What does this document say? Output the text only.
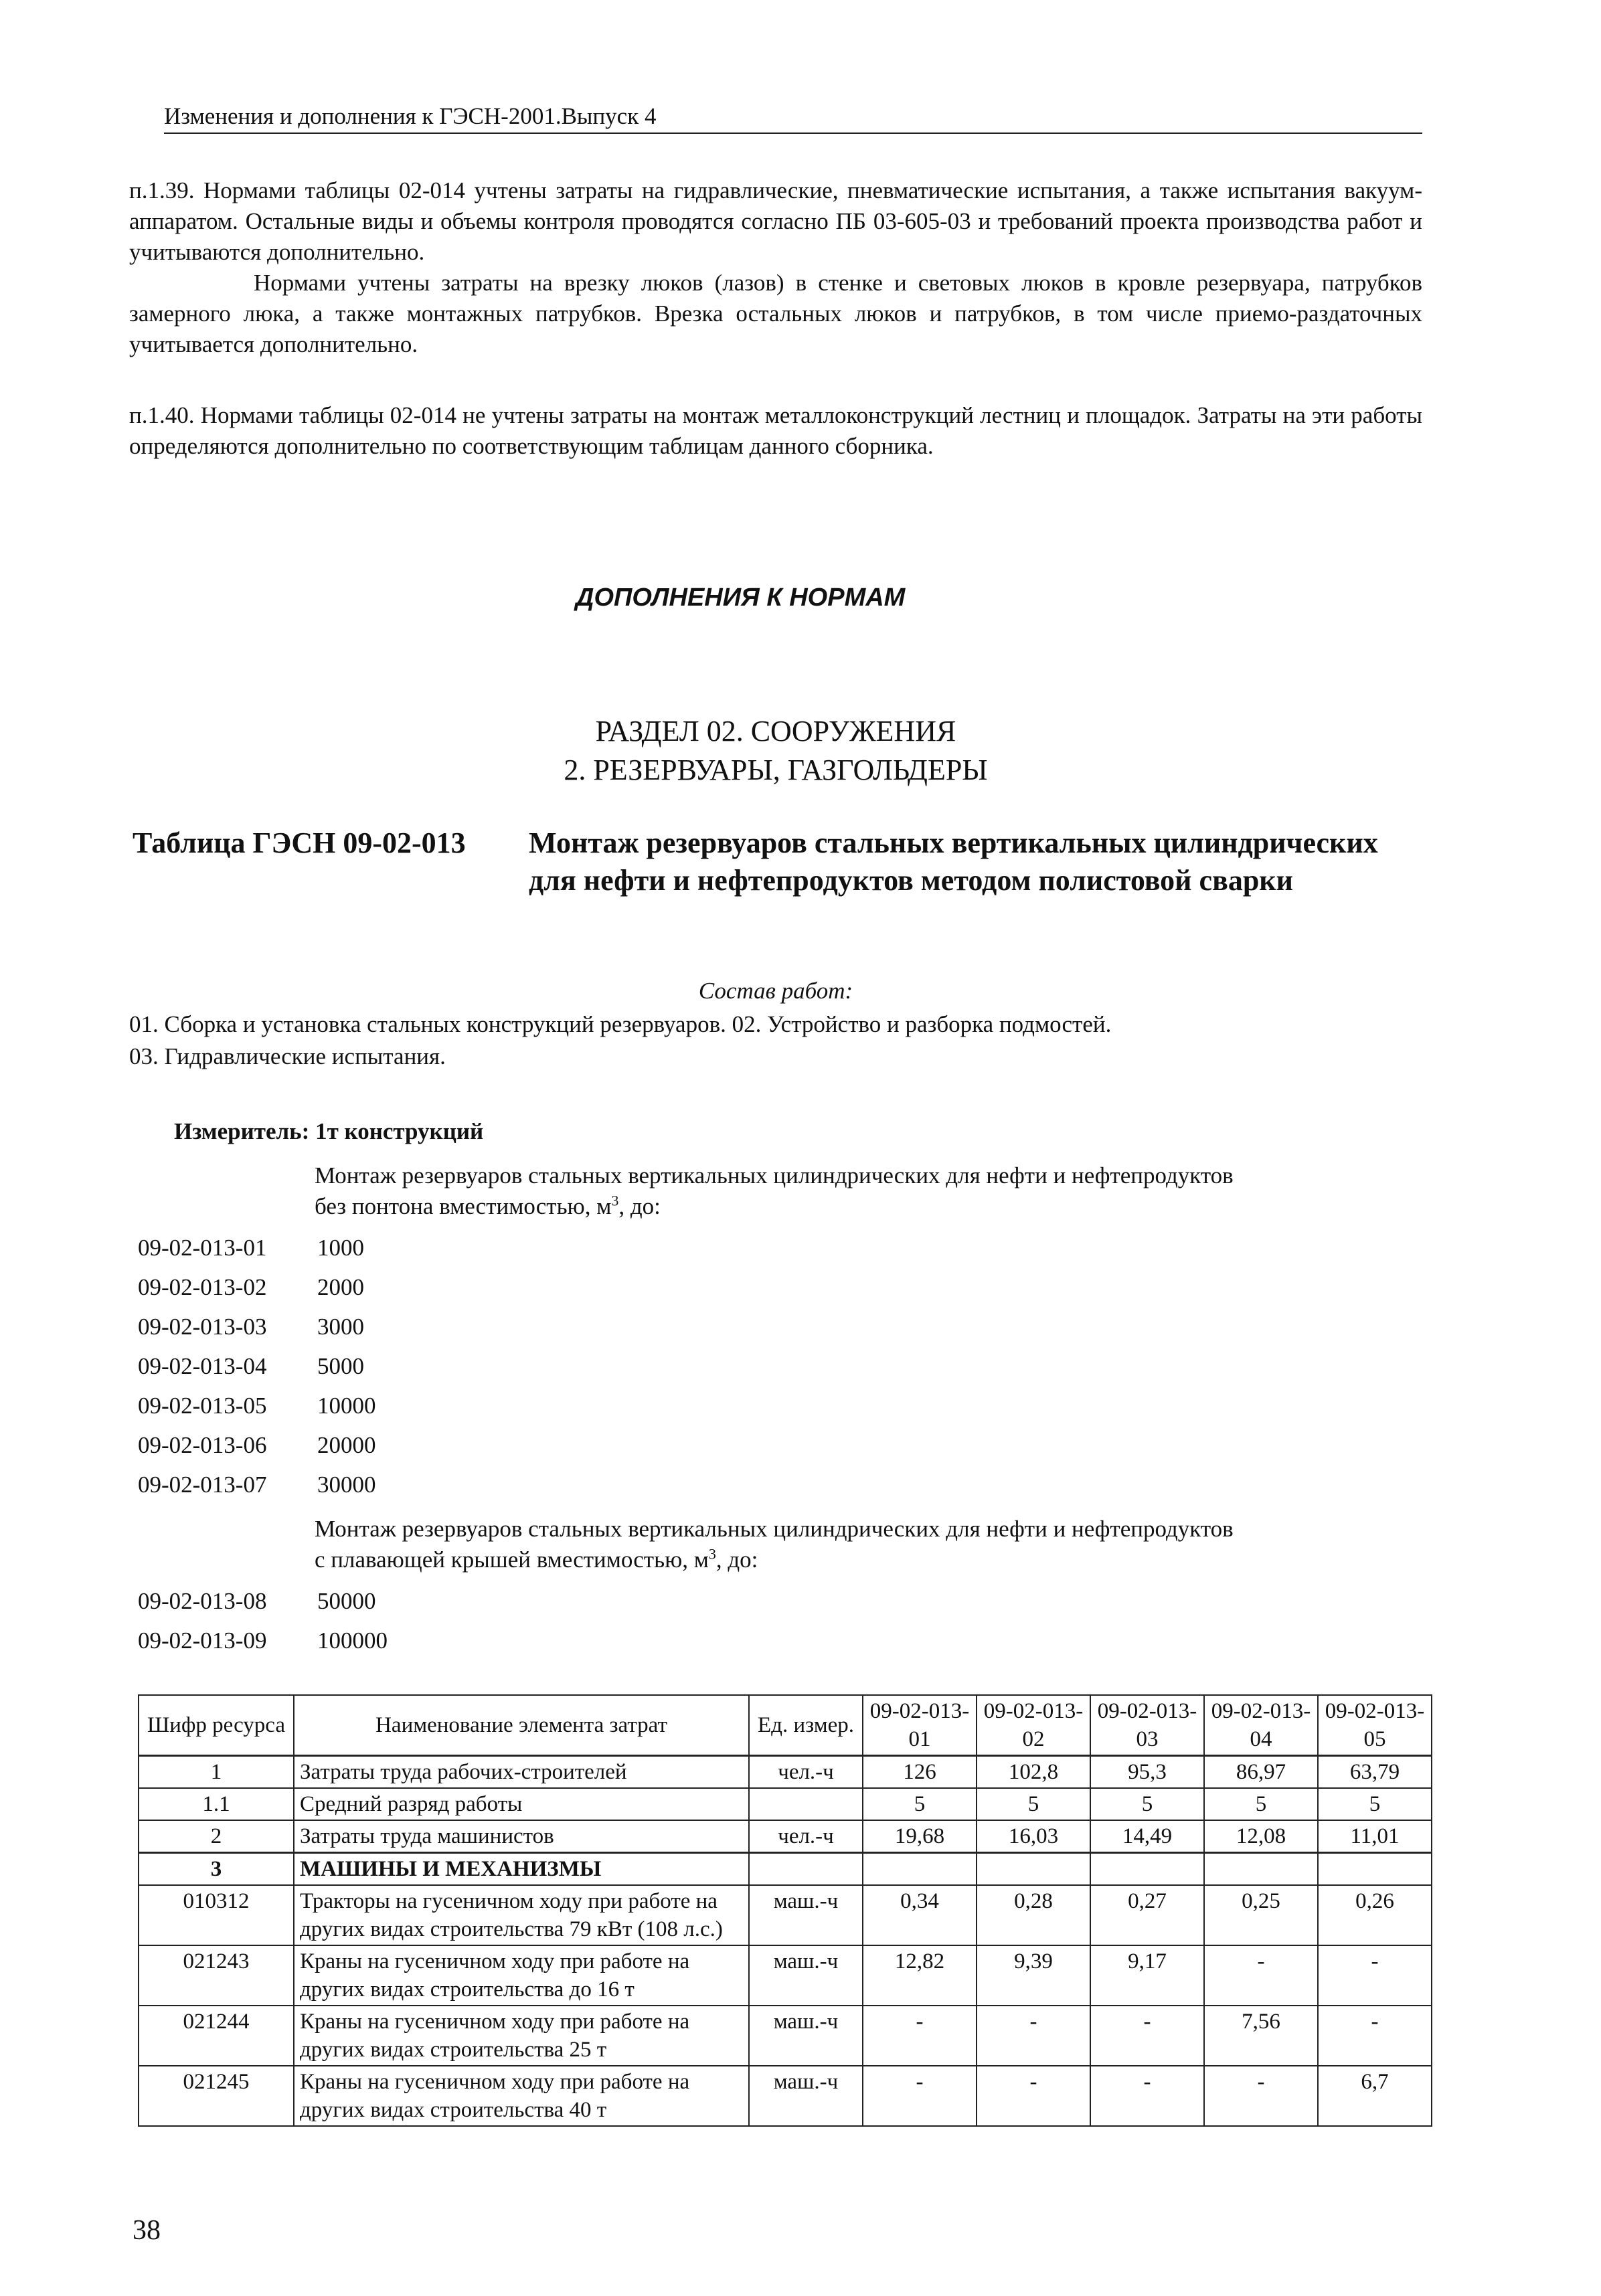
Изменения и дополнения к ГЭСН-2001.Выпуск 4

п.1.39. Нормами таблицы 02-014 учтены затраты на гидравлические, пневматические испытания, а также испытания вакуум-аппаратом. Остальные виды и объемы контроля проводятся согласно ПБ 03-605-03 и требований проекта производства работ и учитываются дополнительно.

Нормами учтены затраты на врезку люков (лазов) в стенке и световых люков в кровле резервуара, патрубков замерного люка, а также монтажных патрубков. Врезка остальных люков и патрубков, в том числе приемо-раздаточных учитывается дополнительно.

п.1.40. Нормами таблицы 02-014 не учтены затраты на монтаж металлоконструкций лестниц и площадок. Затраты на эти работы определяются дополнительно по соответствующим таблицам данного сборника.

ДОПОЛНЕНИЯ К НОРМАМ
РАЗДЕЛ 02. СООРУЖЕНИЯ
2. РЕЗЕРВУАРЫ, ГАЗГОЛЬДЕРЫ
Таблица ГЭСН 09-02-013 Монтаж резервуаров стальных вертикальных цилиндрических для нефти и нефтепродуктов методом полистовой сварки
Состав работ:
01. Сборка и установка стальных конструкций резервуаров. 02. Устройство и разборка подмостей.
03. Гидравлические испытания.
Измеритель: 1т конструкций
Монтаж резервуаров стальных вертикальных цилиндрических для нефти и нефтепродуктов
без понтона вместимостью, $м^3$, до:
09-02-013-01 1000
09-02-013-02 2000
09-02-013-03 3000
09-02-013-04 5000
09-02-013-05 10000
09-02-013-06 20000
09-02-013-07 30000
Монтаж резервуаров стальных вертикальных цилиндрических для нефти и нефтепродуктов
с плавающей крышей вместимостью, $м^3$, до:
09-02-013-08 50000
09-02-013-09 100000
Шифр ресурса	Наименование элемента затрат	Ед. измер.	09-02-013-01	09-02-013-02	09-02-013-03	09-02-013-04	09-02-013-05
1	Затраты труда рабочих-строителей	чел.-ч	126	102,8	95,3	86,97	63,79
1.1	Средний разряд работы		5	5	5	5	5
2	Затраты труда машинистов	чел.-ч	19,68	16,03	14,49	12,08	11,01
3	МАШИНЫ И МЕХАНИЗМЫ						
010312	Тракторы на гусеничном ходу при работе на других видах строительства 79 кВт (108 л.с.)	маш.-ч	0,34	0,28	0,27	0,25	0,26
021243	Краны на гусеничном ходу при работе на других видах строительства до 16 т	маш.-ч	12,82	9,39	9,17	-	-
021244	Краны на гусеничном ходу при работе на других видах строительства 25 т	маш.-ч	-	-	-	7,56	-
021245	Краны на гусеничном ходу при работе на других видах строительства 40 т	маш.-ч	-	-	-	-	6,7
38
